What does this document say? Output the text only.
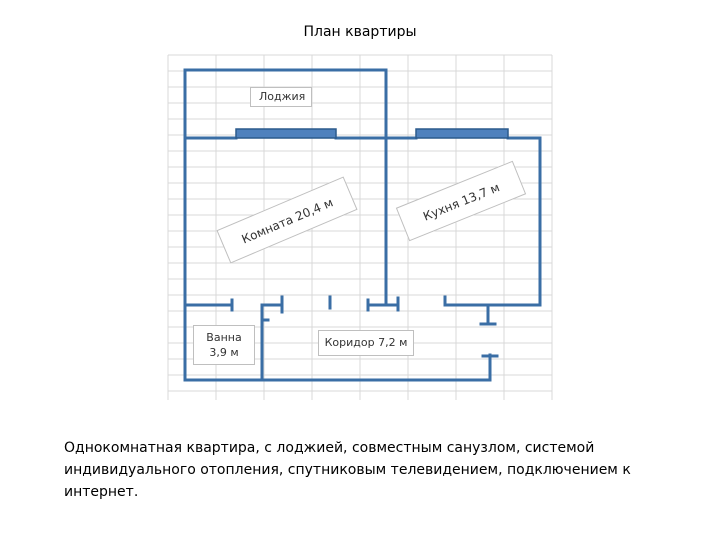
План квартиры
Лоджия
Комната 20,4 м	Кухня 13,7 м
Ванна
3,9 м
Коридор 7,2 м
Однокомнатная квартира, с лоджией, совместным санузлом, системой индивидуального отопления, спутниковым телевидением, подключением к интернет.
